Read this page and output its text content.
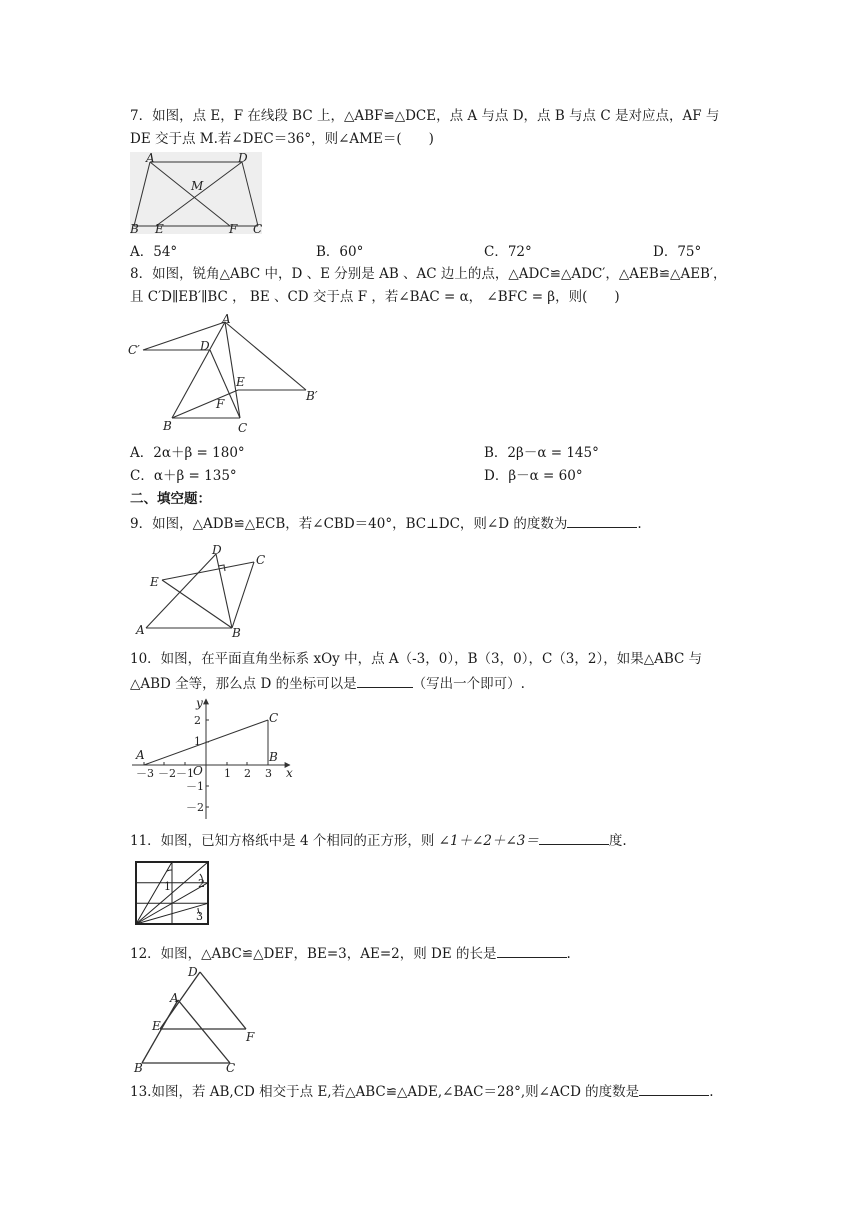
7．如图，点 E，F 在线段 BC 上，△ABF≌△DCE，点 A 与点 D，点 B 与点 C 是对应点，AF 与
DE 交于点 M.若∠DEC＝36°，则∠AME＝(　　)
A	D
M
B E	F C
A．54°	B．60°	C．72°	D．75°
8．如图，锐角△ABC 中，D 、E 分别是 AB 、AC 边上的点，△ADC≌△ADC′，△AEB≌△AEB′，
且 C′D∥EB′∥BC ， BE 、CD 交于点 F ，若∠BAC = α， ∠BFC = β，则(　　)
A
C′	D
E
B′
F
B	C
A．2α＋β = 180°	B．2β－α = 145°
C．α＋β = 135°	D．β－α = 60°
二、填空题：
9．如图，△ADB≌△ECB，若∠CBD＝40°，BC⊥DC，则∠D 的度数为	.
D
C
E
A	B
10．如图，在平面直角坐标系 xOy 中，点 A（-3，0），B（3，0），C（3，2），如果△ABC 与
△ABD 全等，那么点 D 的坐标可以是	（写出一个即可）.
y
x
O
A	B
C
－3 －2 －1	1 2 3
2
1
－1
－2
11．如图，已知方格纸中是 4 个相同的正方形，则 ∠1＋∠2＋∠3＝	度.
1 2
3
12．如图，△ABC≌△DEF，BE=3，AE=2，则 DE 的长是	.
D
A
E
F
B	C
13.如图，若 AB,CD 相交于点 E,若△ABC≌△ADE,∠BAC＝28°,则∠ACD 的度数是	.
